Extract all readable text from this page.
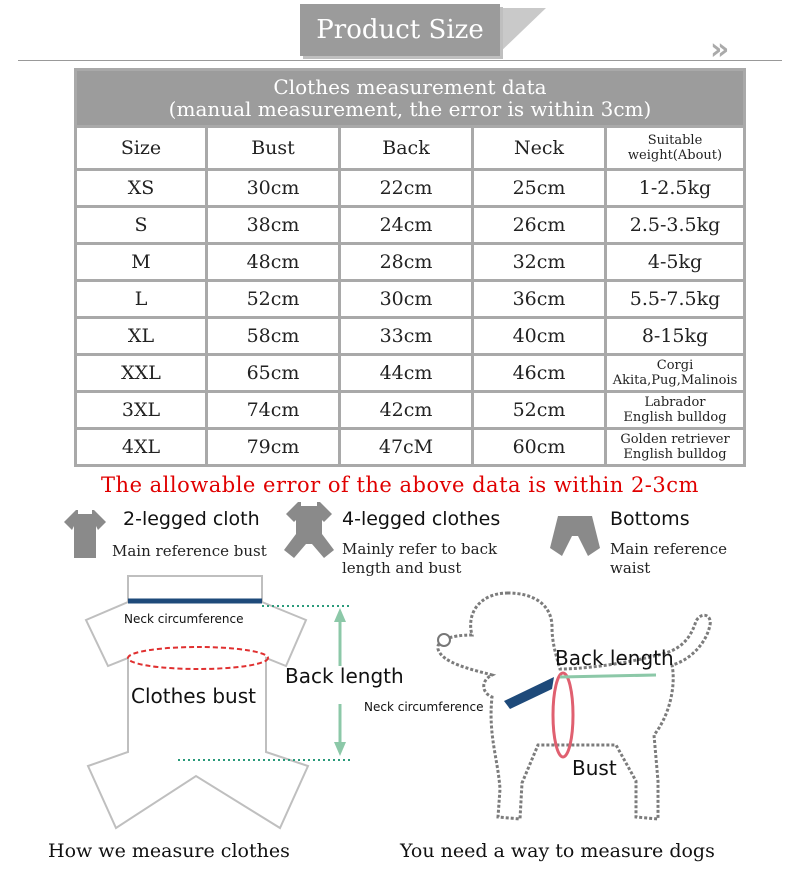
Product Size
»
Clothes measurement data
(manual measurement, the error is within 3cm)				

Size	Bust	Back	Neck	Suitable
weight(About)

XS	30cm	22cm	25cm	1-2.5kg

S	38cm	24cm	26cm	2.5-3.5kg

M	48cm	28cm	32cm	4-5kg

L	52cm	30cm	36cm	5.5-7.5kg

XL	58cm	33cm	40cm	8-15kg

XXL	65cm	44cm	46cm	Corgi
Akita,Pug,Malinois

3XL	74cm	42cm	52cm	Labrador
English bulldog

4XL	79cm	47cM	60cm	Golden retriever
English bulldog
The allowable error of the above data is within 2-3cm
2-legged cloth
Main reference bust
4-legged clothes
Mainly refer to back
length and bust
Bottoms
Main reference
waist
Neck circumference
Clothes bust
Back length
How we measure clothes
Back length
Neck circumference
Bust
You need a way to measure dogs
